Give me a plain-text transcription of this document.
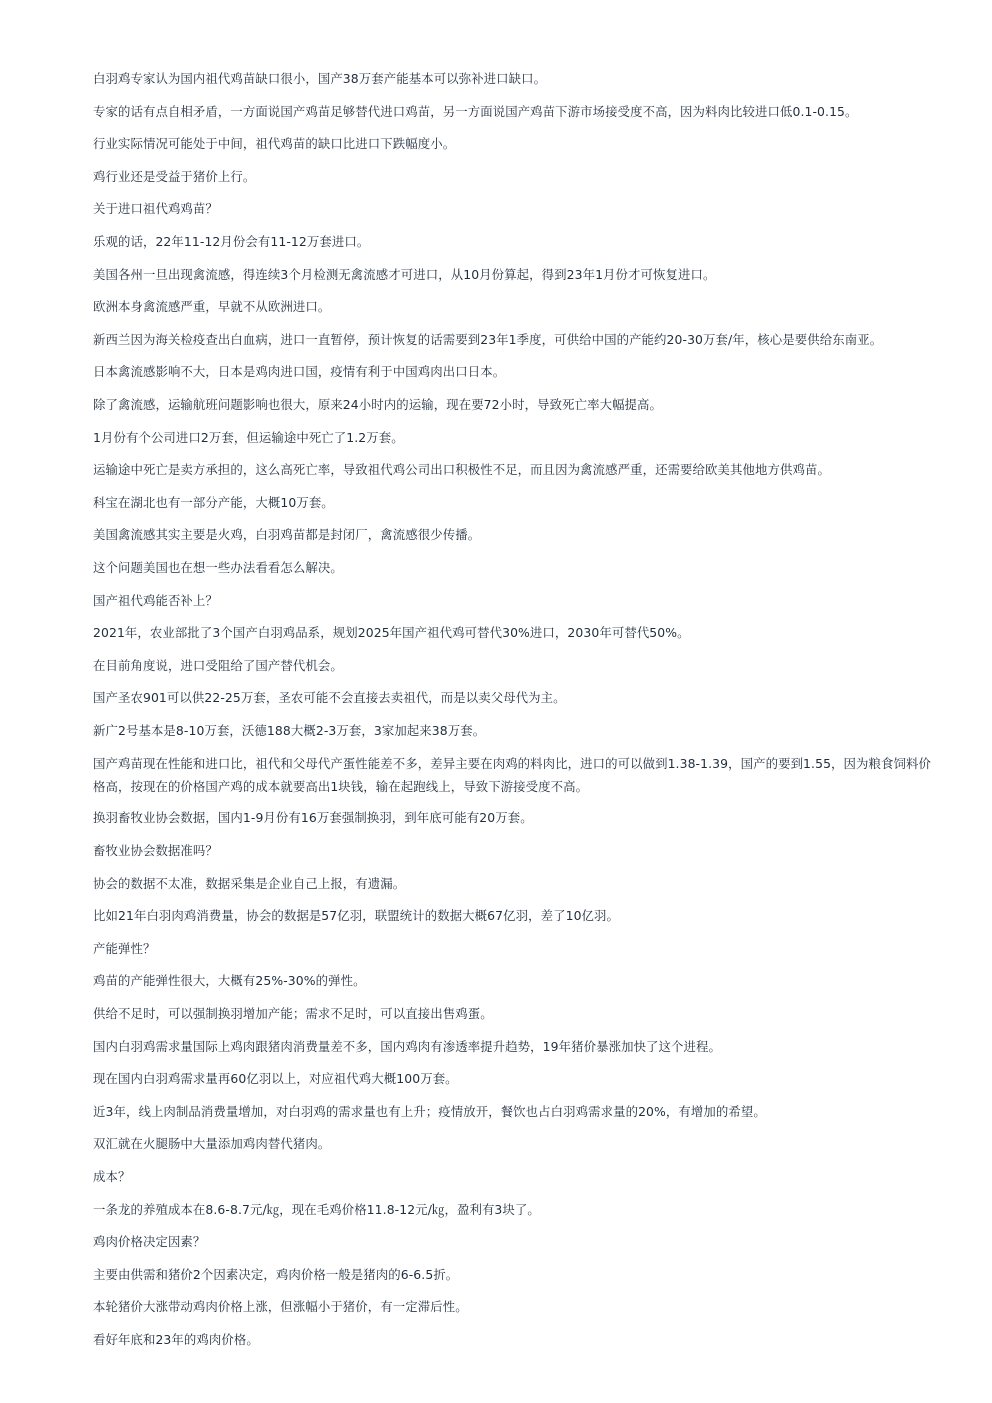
白羽鸡专家认为国内祖代鸡苗缺口很小，国产38万套产能基本可以弥补进口缺口。

专家的话有点自相矛盾，一方面说国产鸡苗足够替代进口鸡苗，另一方面说国产鸡苗下游市场接受度不高，因为料肉比较进口低0.1-0.15。

行业实际情况可能处于中间，祖代鸡苗的缺口比进口下跌幅度小。

鸡行业还是受益于猪价上行。

关于进口祖代鸡鸡苗？

乐观的话，22年11-12月份会有11-12万套进口。

美国各州一旦出现禽流感，得连续3个月检测无禽流感才可进口，从10月份算起，得到23年1月份才可恢复进口。

欧洲本身禽流感严重，早就不从欧洲进口。

新西兰因为海关检疫查出白血病，进口一直暂停，预计恢复的话需要到23年1季度，可供给中国的产能约20-30万套/年，核心是要供给东南亚。

日本禽流感影响不大，日本是鸡肉进口国，疫情有利于中国鸡肉出口日本。

除了禽流感，运输航班问题影响也很大，原来24小时内的运输，现在要72小时，导致死亡率大幅提高。

1月份有个公司进口2万套，但运输途中死亡了1.2万套。

运输途中死亡是卖方承担的，这么高死亡率，导致祖代鸡公司出口积极性不足，而且因为禽流感严重，还需要给欧美其他地方供鸡苗。

科宝在湖北也有一部分产能，大概10万套。

美国禽流感其实主要是火鸡，白羽鸡苗都是封闭厂，禽流感很少传播。

这个问题美国也在想一些办法看看怎么解决。

国产祖代鸡能否补上？

2021年，农业部批了3个国产白羽鸡品系，规划2025年国产祖代鸡可替代30%进口，2030年可替代50%。

在目前角度说，进口受阻给了国产替代机会。

国产圣农901可以供22-25万套，圣农可能不会直接去卖祖代，而是以卖父母代为主。

新广2号基本是8-10万套，沃德188大概2-3万套，3家加起来38万套。

国产鸡苗现在性能和进口比，祖代和父母代产蛋性能差不多，差异主要在肉鸡的料肉比，进口的可以做到1.38-1.39，国产的要到1.55，因为粮食饲料价格高，按现在的价格国产鸡的成本就要高出1块钱，输在起跑线上，导致下游接受度不高。

换羽畜牧业协会数据，国内1-9月份有16万套强制换羽，到年底可能有20万套。

畜牧业协会数据准吗？

协会的数据不太准，数据采集是企业自己上报，有遗漏。

比如21年白羽肉鸡消费量，协会的数据是57亿羽，联盟统计的数据大概67亿羽，差了10亿羽。

产能弹性？

鸡苗的产能弹性很大，大概有25%-30%的弹性。

供给不足时，可以强制换羽增加产能；需求不足时，可以直接出售鸡蛋。

国内白羽鸡需求量国际上鸡肉跟猪肉消费量差不多，国内鸡肉有渗透率提升趋势，19年猪价暴涨加快了这个进程。

现在国内白羽鸡需求量再60亿羽以上，对应祖代鸡大概100万套。

近3年，线上肉制品消费量增加，对白羽鸡的需求量也有上升；疫情放开，餐饮也占白羽鸡需求量的20%，有增加的希望。

双汇就在火腿肠中大量添加鸡肉替代猪肉。

成本？

一条龙的养殖成本在8.6-8.7元/㎏，现在毛鸡价格11.8-12元/㎏，盈利有3块了。

鸡肉价格决定因素？

主要由供需和猪价2个因素决定，鸡肉价格一般是猪肉的6-6.5折。

本轮猪价大涨带动鸡肉价格上涨，但涨幅小于猪价，有一定滞后性。

看好年底和23年的鸡肉价格。
